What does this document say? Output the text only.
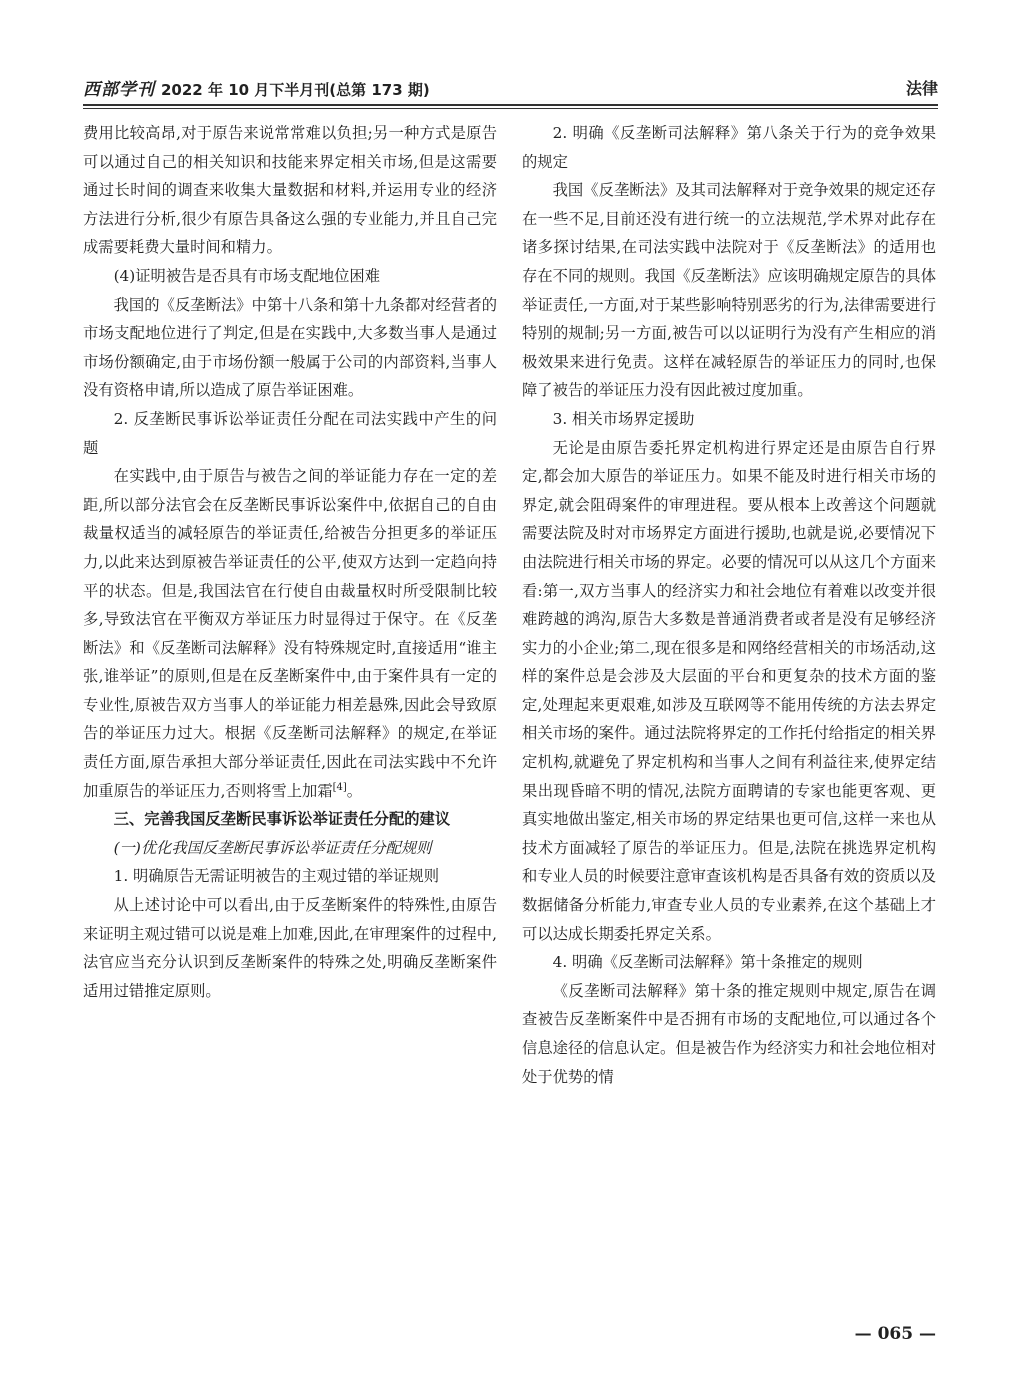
西部学刊 2022 年 10 月下半月刊(总第 173 期)	法律

费用比较高昂,对于原告来说常常难以负担;另一种方式是原告可以通过自己的相关知识和技能来界定相关市场,但是这需要通过长时间的调查来收集大量数据和材料,并运用专业的经济方法进行分析,很少有原告具备这么强的专业能力,并且自己完成需要耗费大量时间和精力。

(4)证明被告是否具有市场支配地位困难

我国的《反垄断法》中第十八条和第十九条都对经营者的市场支配地位进行了判定,但是在实践中,大多数当事人是通过市场份额确定,由于市场份额一般属于公司的内部资料,当事人没有资格申请,所以造成了原告举证困难。

2. 反垄断民事诉讼举证责任分配在司法实践中产生的问题

在实践中,由于原告与被告之间的举证能力存在一定的差距,所以部分法官会在反垄断民事诉讼案件中,依据自己的自由裁量权适当的减轻原告的举证责任,给被告分担更多的举证压力,以此来达到原被告举证责任的公平,使双方达到一定趋向持平的状态。但是,我国法官在行使自由裁量权时所受限制比较多,导致法官在平衡双方举证压力时显得过于保守。在《反垄断法》和《反垄断司法解释》没有特殊规定时,直接适用“谁主张,谁举证”的原则,但是在反垄断案件中,由于案件具有一定的专业性,原被告双方当事人的举证能力相差悬殊,因此会导致原告的举证压力过大。根据《反垄断司法解释》的规定,在举证责任方面,原告承担大部分举证责任,因此在司法实践中不允许加重原告的举证压力,否则将雪上加霜[4]。

三、完善我国反垄断民事诉讼举证责任分配的建议

(一)优化我国反垄断民事诉讼举证责任分配规则

1. 明确原告无需证明被告的主观过错的举证规则

从上述讨论中可以看出,由于反垄断案件的特殊性,由原告来证明主观过错可以说是难上加难,因此,在审理案件的过程中,法官应当充分认识到反垄断案件的特殊之处,明确反垄断案件适用过错推定原则。

2. 明确《反垄断司法解释》第八条关于行为的竞争效果的规定

我国《反垄断法》及其司法解释对于竞争效果的规定还存在一些不足,目前还没有进行统一的立法规范,学术界对此存在诸多探讨结果,在司法实践中法院对于《反垄断法》的适用也存在不同的规则。我国《反垄断法》应该明确规定原告的具体举证责任,一方面,对于某些影响特别恶劣的行为,法律需要进行特别的规制;另一方面,被告可以以证明行为没有产生相应的消极效果来进行免责。这样在减轻原告的举证压力的同时,也保障了被告的举证压力没有因此被过度加重。

3. 相关市场界定援助

无论是由原告委托界定机构进行界定还是由原告自行界定,都会加大原告的举证压力。如果不能及时进行相关市场的界定,就会阻碍案件的审理进程。要从根本上改善这个问题就需要法院及时对市场界定方面进行援助,也就是说,必要情况下由法院进行相关市场的界定。必要的情况可以从这几个方面来看:第一,双方当事人的经济实力和社会地位有着难以改变并很难跨越的鸿沟,原告大多数是普通消费者或者是没有足够经济实力的小企业;第二,现在很多是和网络经营相关的市场活动,这样的案件总是会涉及大层面的平台和更复杂的技术方面的鉴定,处理起来更艰难,如涉及互联网等不能用传统的方法去界定相关市场的案件。通过法院将界定的工作托付给指定的相关界定机构,就避免了界定机构和当事人之间有利益往来,使界定结果出现昏暗不明的情况,法院方面聘请的专家也能更客观、更真实地做出鉴定,相关市场的界定结果也更可信,这样一来也从技术方面减轻了原告的举证压力。但是,法院在挑选界定机构和专业人员的时候要注意审查该机构是否具备有效的资质以及数据储备分析能力,审查专业人员的专业素养,在这个基础上才可以达成长期委托界定关系。

4. 明确《反垄断司法解释》第十条推定的规则

《反垄断司法解释》第十条的推定规则中规定,原告在调查被告反垄断案件中是否拥有市场的支配地位,可以通过各个信息途径的信息认定。但是被告作为经济实力和社会地位相对处于优势的情

— 065 —
